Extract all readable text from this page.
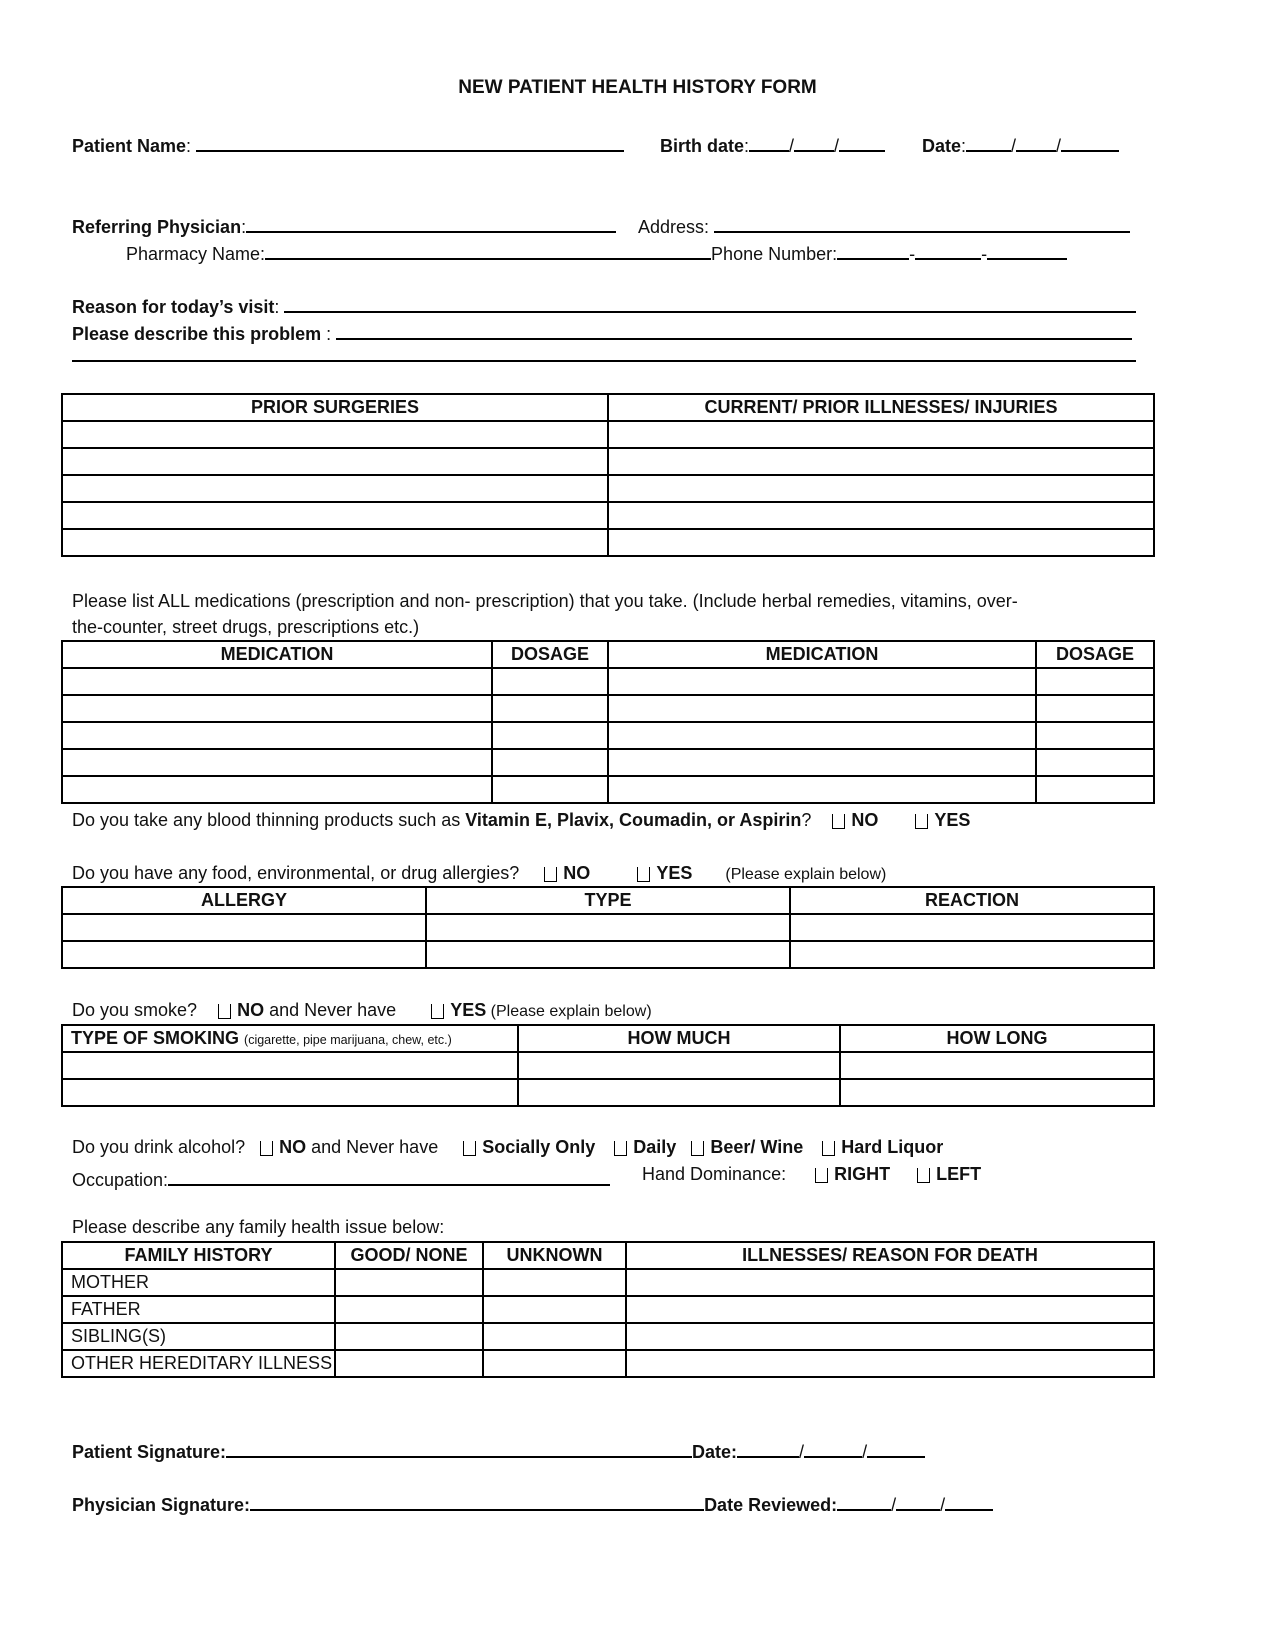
NEW PATIENT HEALTH HISTORY FORM
Patient Name:	Birth date: / /	Date:	/ /
Referring Physician:	Address:
Pharmacy Name:	Phone Number:	-	-
Reason for today’s visit:
Please describe this problem :
PRIOR SURGERIES	CURRENT/ PRIOR ILLNESSES/ INJURIES

Please list ALL medications (prescription and non- prescription) that you take. (Include herbal remedies, vitamins, over-
the-counter, street drugs, prescriptions etc.)
MEDICATION	DOSAGE	MEDICATION	DOSAGE

Do you take any blood thinning products such as Vitamin E, Plavix, Coumadin, or Aspirin? NO	YES
Do you have any food, environmental, or drug allergies? NO	YES (Please explain below)
ALLERGY	TYPE	REACTION

Do you smoke? NO and Never have	YES (Please explain below)
TYPE OF SMOKING (cigarette, pipe marijuana, chew, etc.)	HOW MUCH	HOW LONG

Do you drink alcohol? NO and Never have Socially Only Daily Beer/ Wine Hard Liquor
Occupation:	Hand Dominance:	RIGHT	LEFT
Please describe any family health issue below:
FAMILY HISTORY	GOOD/ NONE	UNKNOWN	ILLNESSES/ REASON FOR DEATH
MOTHER			
FATHER			
SIBLING(S)			
OTHER HEREDITARY ILLNESS			
Patient Signature:	Date:	/	/
Physician Signature:	Date Reviewed:	/ /
